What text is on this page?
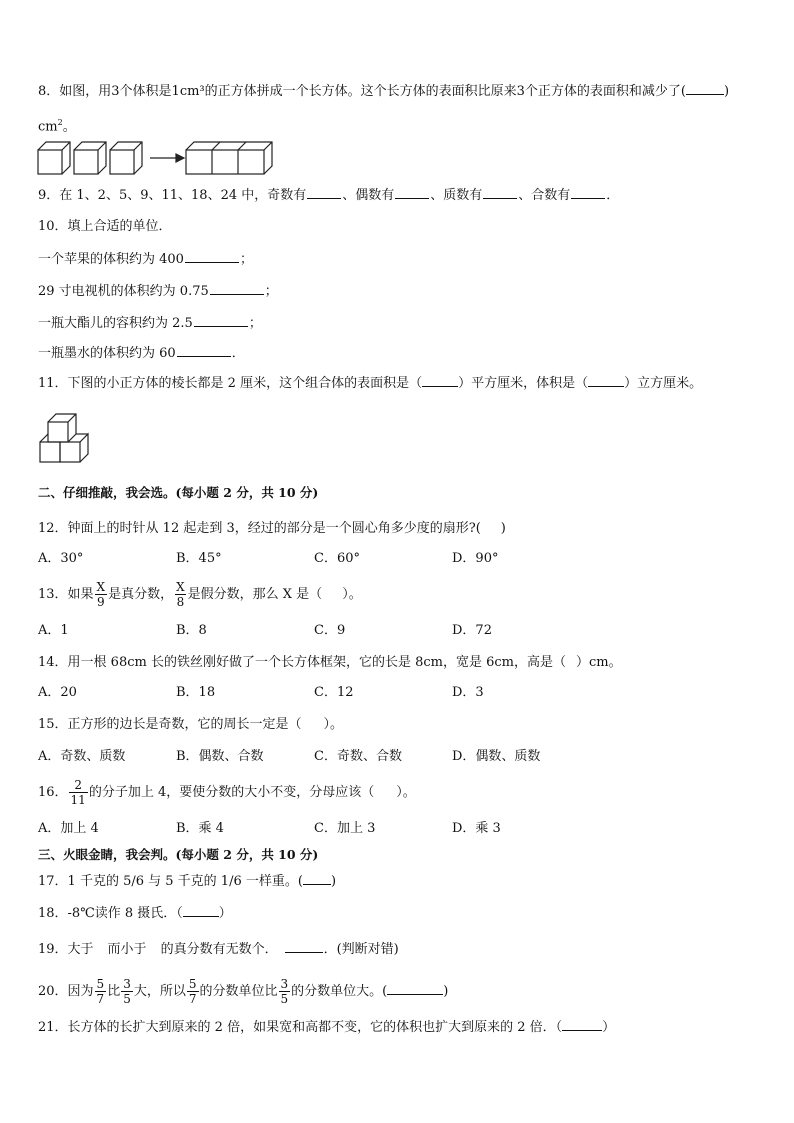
8．如图，用3个体积是1cm³的正方体拼成一个长方体。这个长方体的表面积比原来3个正方体的表面积和减少了(	)
$cm^2$。
9．在 1、2、5、9、11、18、24 中，奇数有	、偶数有	、质数有	、合数有	．
10．填上合适的单位．
一个苹果的体积约为 400	；
29 寸电视机的体积约为 0.75	；
一瓶大酯儿的容积约为 2.5	；
一瓶墨水的体积约为 60	．
11．下图的小正方体的棱长都是 2 厘米，这个组合体的表面积是（	）平方厘米，体积是（	）立方厘米。
二、仔细推敲，我会选。(每小题 2 分，共 10 分)
12．钟面上的时针从 12 起走到 3，经过的部分是一个圆心角多少度的扇形?( )
A．30°	B．45°	C．60°	D．90°
13．如果 $\frac{X}{9}$ 是真分数， $\frac{X}{8}$ 是假分数，那么 X 是（ ）。
A．1	B．8	C．9	D．72
14．用一根 68cm 长的铁丝刚好做了一个长方体框架，它的长是 8cm，宽是 6cm，高是（ ）cm。
A．20	B．18	C．12	D．3
15．正方形的边长是奇数，它的周长一定是（ ）。
A．奇数、质数	B．偶数、合数	C．奇数、合数	D．偶数、质数
16． $\frac{2}{11}$ 的分子加上 4，要使分数的大小不变，分母应该（ ）。
A．加上 4	B．乘 4	C．加上 3	D．乘 3
三、火眼金睛，我会判。(每小题 2 分，共 10 分)
17．1 千克的 5/6 与 5 千克的 1/6 一样重。( )
18．-8℃读作 8 摄氏．（	）
19．大于 而小于 的真分数有无数个．	．(判断对错)
20．因为 $\frac{5}{7}$ 比 $\frac{3}{5}$ 大，所以 $\frac{5}{7}$ 的分数单位比 $\frac{3}{5}$ 的分数单位大。(	)
21．长方体的长扩大到原来的 2 倍，如果宽和高都不变，它的体积也扩大到原来的 2 倍．（	）
